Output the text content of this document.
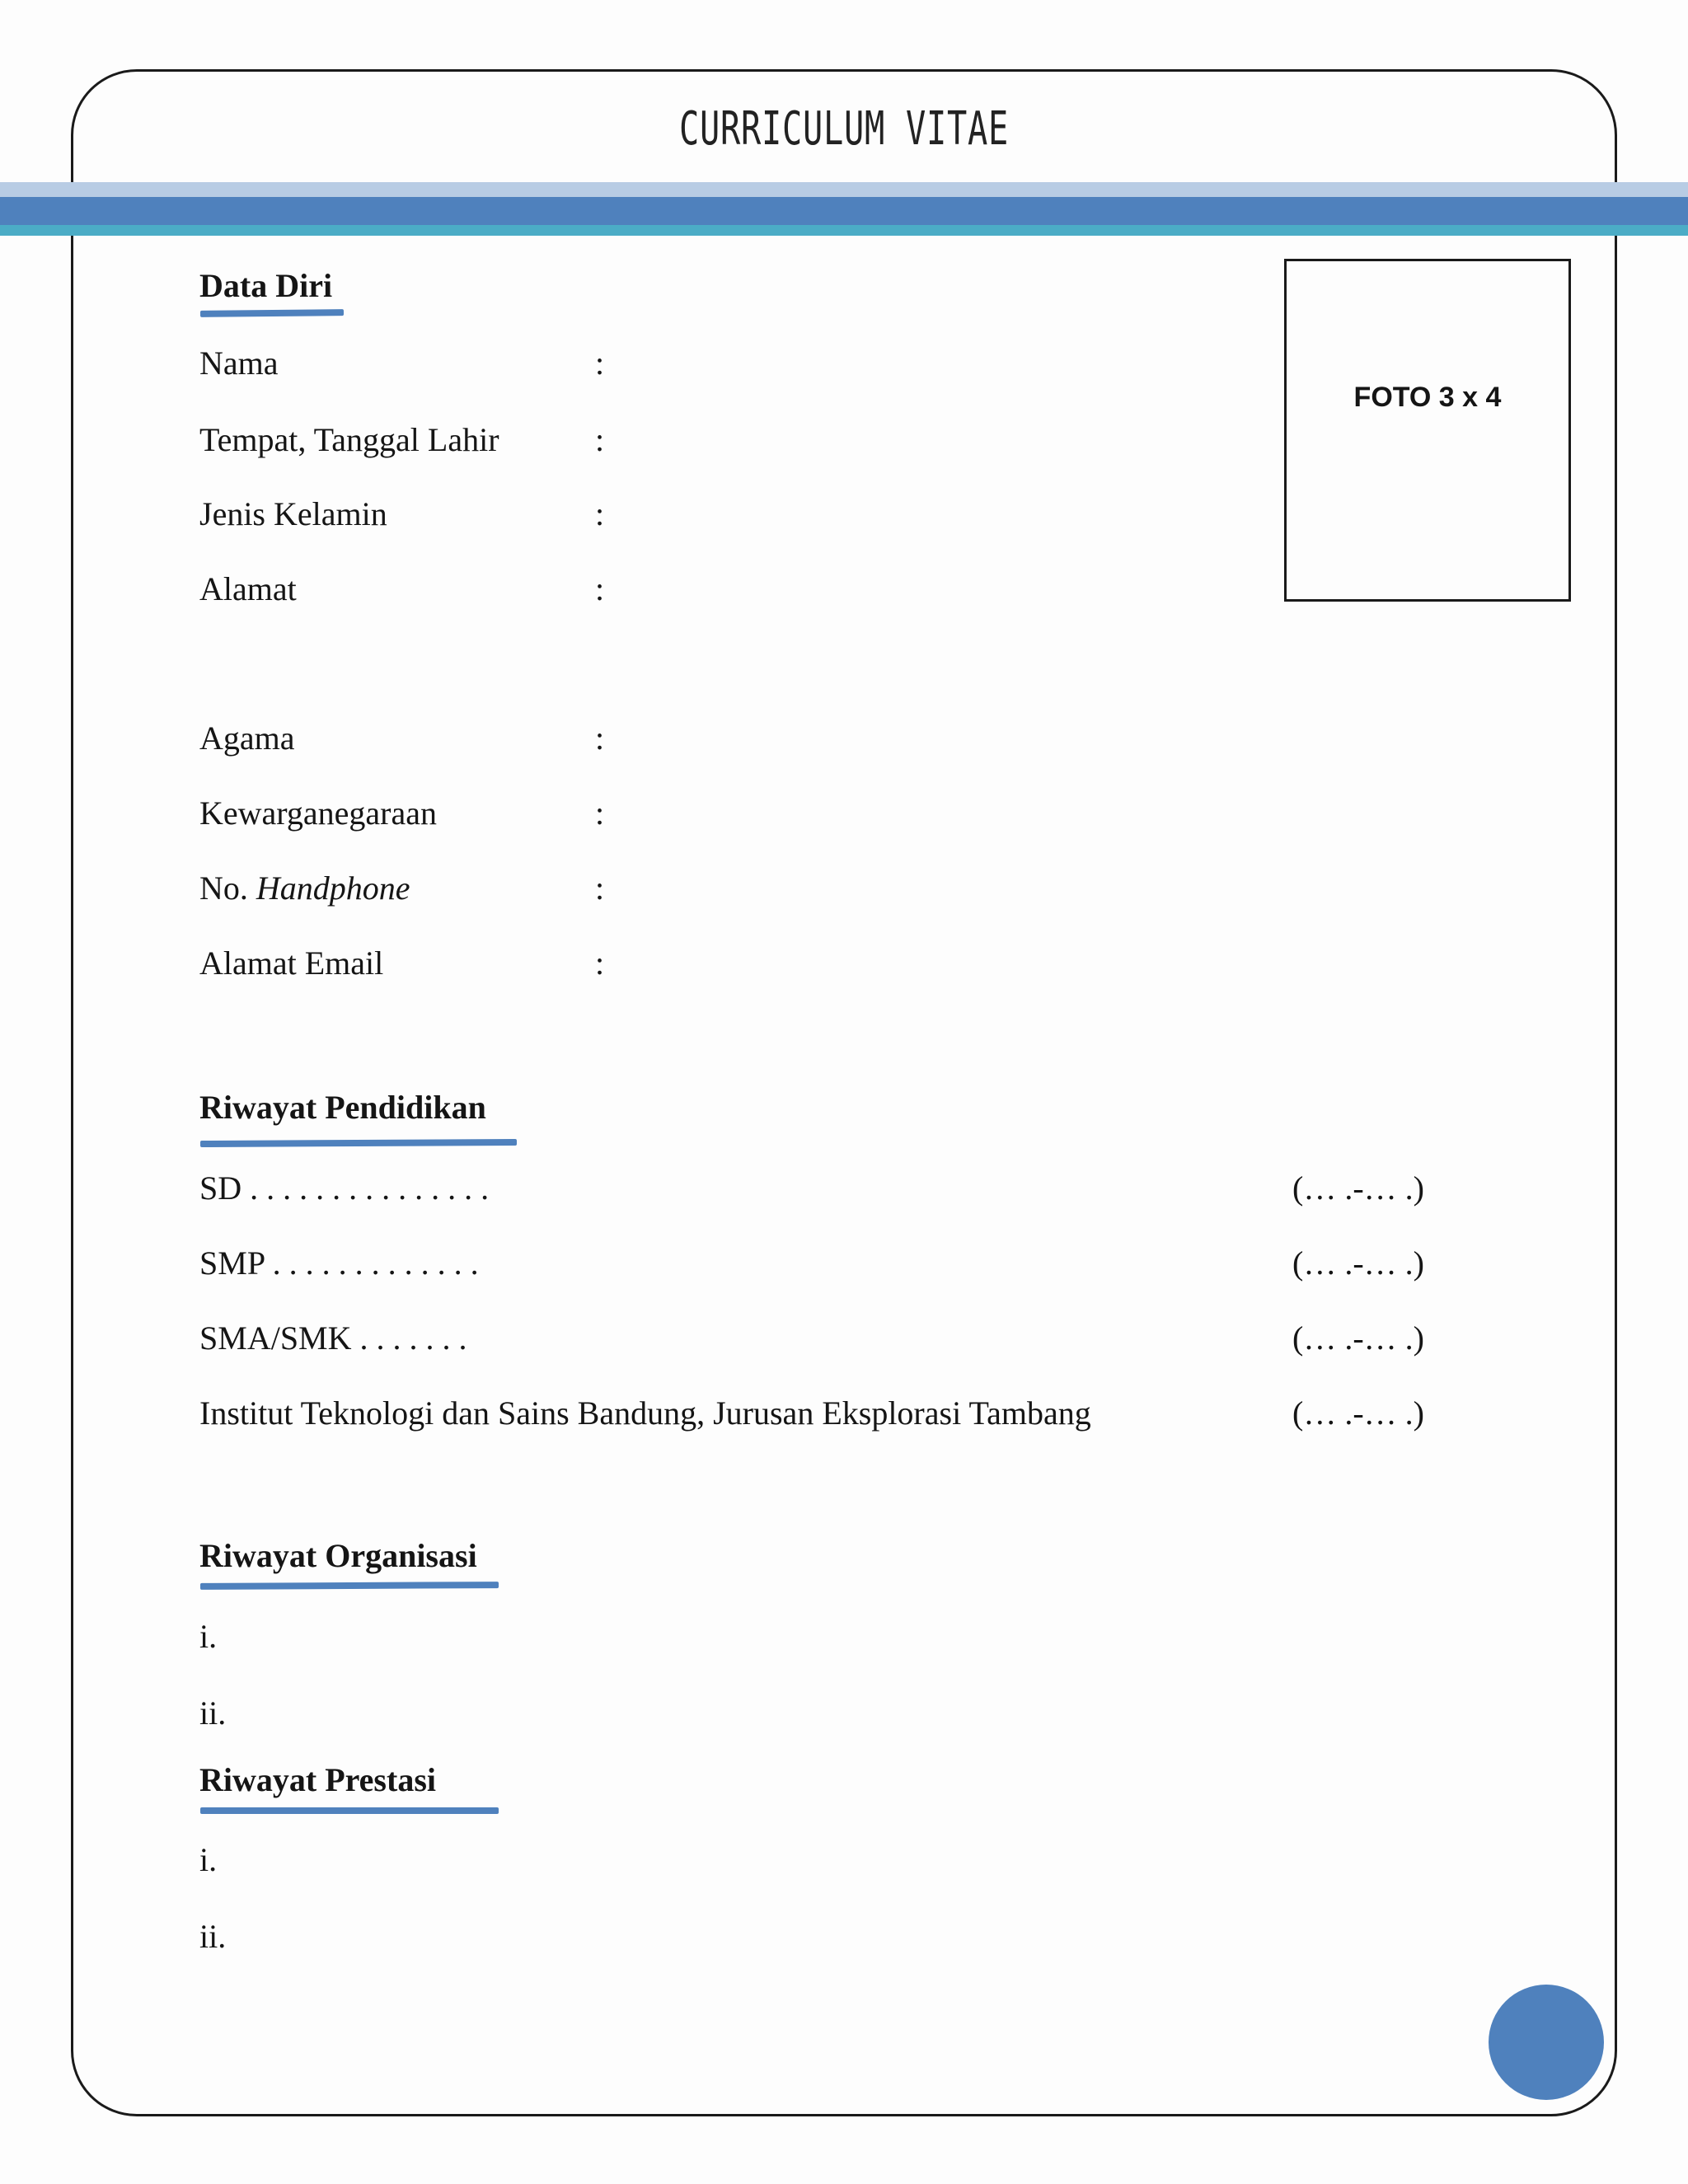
CURRICULUM VITAE
FOTO 3 x 4
Data Diri
Nama	:
Tempat, Tanggal Lahir	:
Jenis Kelamin	:
Alamat	:
Agama	:
Kewarganegaraan	:
No. Handphone	:
Alamat Email	:
Riwayat Pendidikan
SD . . . . . . . . . . . . . . .	(… .-… .)
SMP . . . . . . . . . . . . .	(… .-… .)
SMA/SMK . . . . . . .	(… .-… .)
Institut Teknologi dan Sains Bandung, Jurusan Eksplorasi Tambang	(… .-… .)
Riwayat Organisasi
i.
ii.
Riwayat Prestasi
i.
ii.
